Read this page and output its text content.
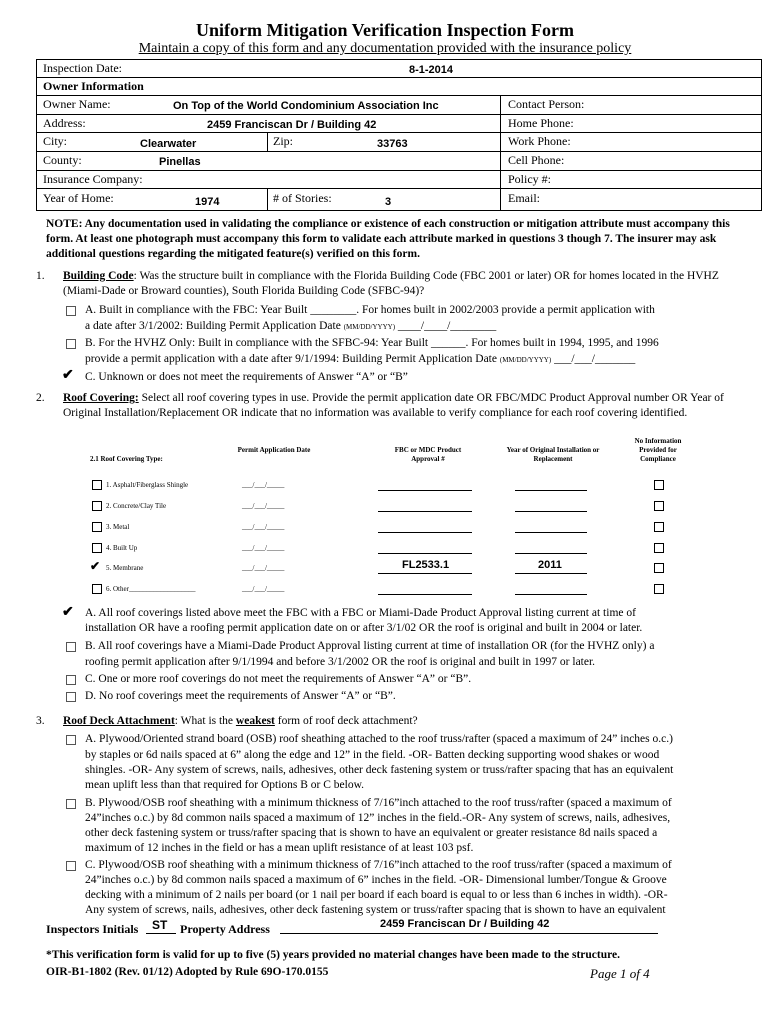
Uniform Mitigation Verification Inspection Form
Maintain a copy of this form and any documentation provided with the insurance policy
Inspection Date:	8-1-2014
Owner Information
Owner Name:	On Top of the World Condominium Association Inc	Contact Person:
Address:	2459 Franciscan Dr / Building 42	Home Phone:
City:	Clearwater	Zip:	33763	Work Phone:
County:	Pinellas	Cell Phone:
Insurance Company:	Policy #:
Year of Home:	1974	# of Stories:	3	Email:
NOTE: Any documentation used in validating the compliance or existence of each construction or mitigation attribute must accompany this form. At least one photograph must accompany this form to validate each attribute marked in questions 3 though 7. The insurer may ask additional questions regarding the mitigated feature(s) verified on this form.
1. Building Code: Was the structure built in compliance with the Florida Building Code (FBC 2001 or later) OR for homes located in the HVHZ (Miami-Dade or Broward counties), South Florida Building Code (SFBC-94)?
A. Built in compliance with the FBC: Year Built ________. For homes built in 2002/2003 provide a permit application with
a date after 3/1/2002: Building Permit Application Date (MM/DD/YYYY) ____/____/________
B. For the HVHZ Only: Built in compliance with the SFBC-94: Year Built ______. For homes built in 1994, 1995, and 1996
provide a permit application with a date after 9/1/1994: Building Permit Application Date (MM/DD/YYYY) ___/___/_______
✔ C. Unknown or does not meet the requirements of Answer “A” or “B”
2. Roof Covering: Select all roof covering types in use. Provide the permit application date OR FBC/MDC Product Approval number OR Year of Original Installation/Replacement OR indicate that no information was available to verify compliance for each roof covering identified.
2.1 Roof Covering Type:
Permit Application Date	FBC or MDC Product Approval #
Year of Original Installation or Replacement
No Information Provided for Compliance
1. Asphalt/Fiberglass Shingle	___/___/_____
2. Concrete/Clay Tile	___/___/_____
3. Metal	___/___/_____
4. Built Up	___/___/_____
✔ 5. Membrane	___/___/_____	FL2533.1	2011
6. Other___________________	___/___/_____
✔ A. All roof coverings listed above meet the FBC with a FBC or Miami-Dade Product Approval listing current at time of
installation OR have a roofing permit application date on or after 3/1/02 OR the roof is original and built in 2004 or later.
B. All roof coverings have a Miami-Dade Product Approval listing current at time of installation OR (for the HVHZ only) a
roofing permit application after 9/1/1994 and before 3/1/2002 OR the roof is original and built in 1997 or later.
C. One or more roof coverings do not meet the requirements of Answer “A” or “B”.
D. No roof coverings meet the requirements of Answer “A” or “B”.
3. Roof Deck Attachment: What is the weakest form of roof deck attachment?
A. Plywood/Oriented strand board (OSB) roof sheathing attached to the roof truss/rafter (spaced a maximum of 24” inches o.c.)
by staples or 6d nails spaced at 6” along the edge and 12” in the field. -OR- Batten decking supporting wood shakes or wood
shingles. -OR- Any system of screws, nails, adhesives, other deck fastening system or truss/rafter spacing that has an equivalent
mean uplift less than that required for Options B or C below.
B. Plywood/OSB roof sheathing with a minimum thickness of 7/16”inch attached to the roof truss/rafter (spaced a maximum of
24”inches o.c.) by 8d common nails spaced a maximum of 12” inches in the field.-OR- Any system of screws, nails, adhesives,
other deck fastening system or truss/rafter spacing that is shown to have an equivalent or greater resistance 8d nails spaced a
maximum of 12 inches in the field or has a mean uplift resistance of at least 103 psf.
C. Plywood/OSB roof sheathing with a minimum thickness of 7/16”inch attached to the roof truss/rafter (spaced a maximum of
24”inches o.c.) by 8d common nails spaced a maximum of 6” inches in the field. -OR- Dimensional lumber/Tongue & Groove
decking with a minimum of 2 nails per board (or 1 nail per board if each board is equal to or less than 6 inches in width). -OR-
Any system of screws, nails, adhesives, other deck fastening system or truss/rafter spacing that is shown to have an equivalent
Inspectors Initials ST Property Address	2459 Franciscan Dr / Building 42
*This verification form is valid for up to five (5) years provided no material changes have been made to the structure.
OIR-B1-1802 (Rev. 01/12) Adopted by Rule 69O-170.0155	Page 1 of 4
